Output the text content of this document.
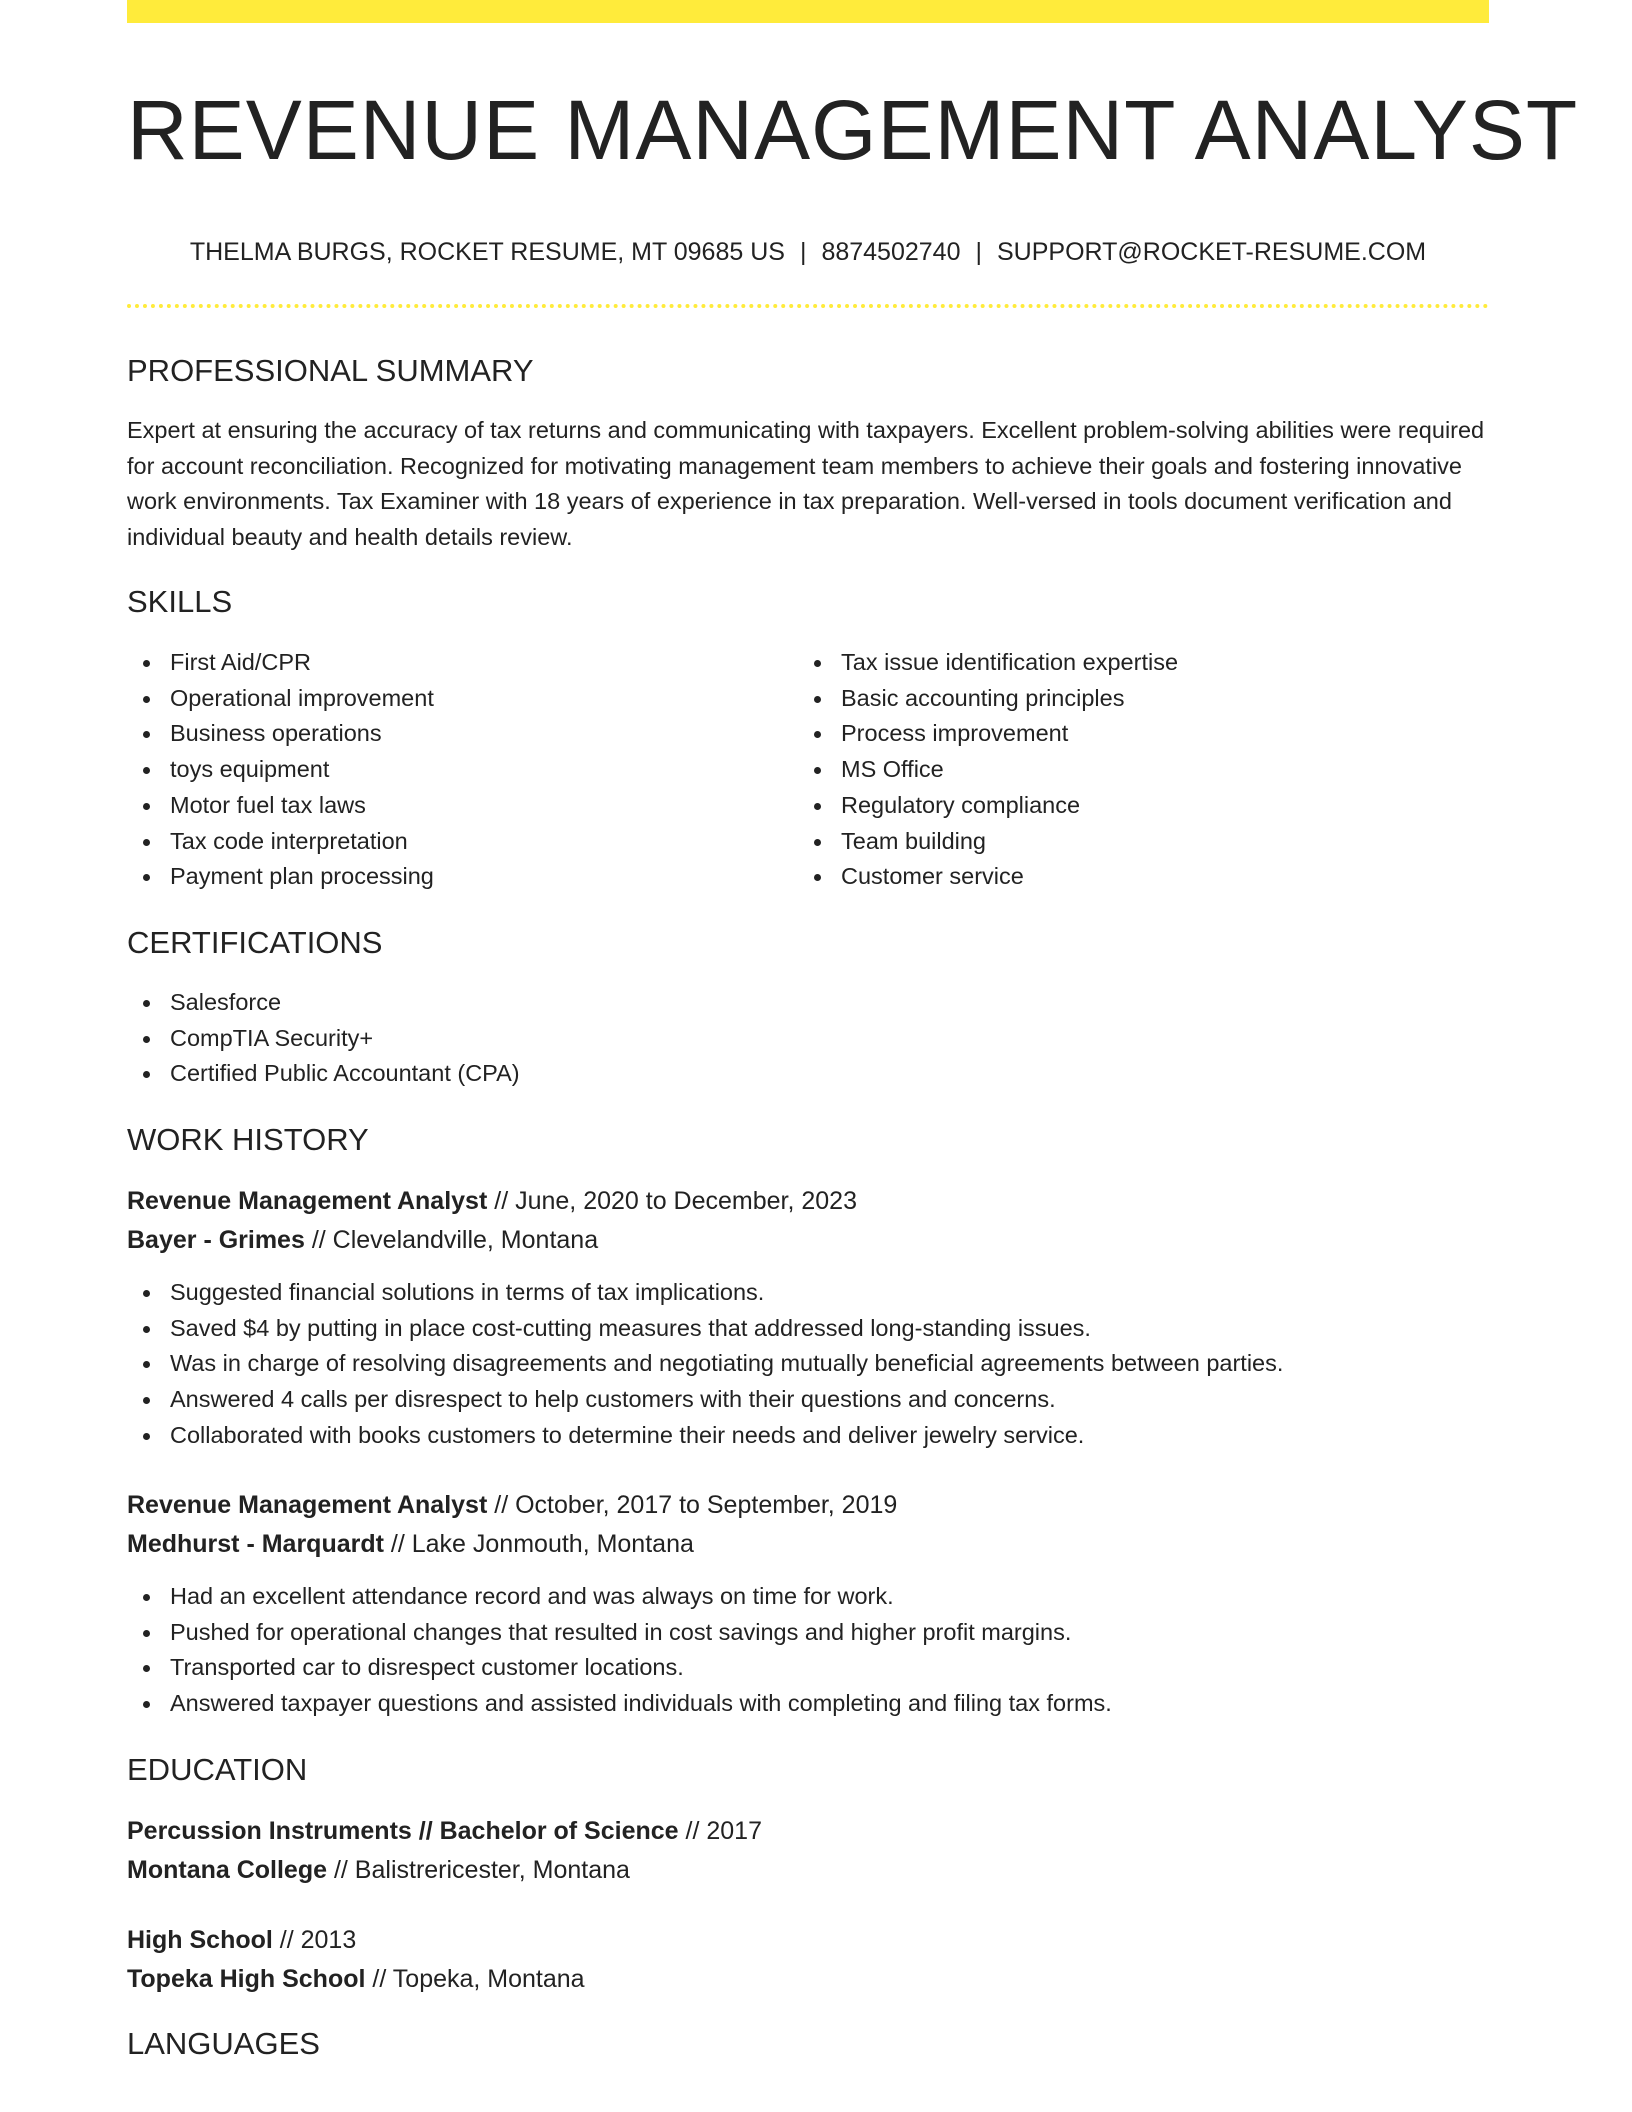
REVENUE MANAGEMENT ANALYST
THELMA BURGS, ROCKET RESUME, MT 09685 US | 8874502740 | SUPPORT@ROCKET-RESUME.COM
PROFESSIONAL SUMMARY

Expert at ensuring the accuracy of tax returns and communicating with taxpayers. Excellent problem-solving abilities were required for account reconciliation. Recognized for motivating management team members to achieve their goals and fostering innovative work environments. Tax Examiner with 18 years of experience in tax preparation. Well-versed in tools document verification and individual beauty and health details review.

SKILLS
First Aid/CPR
Operational improvement
Business operations
toys equipment
Motor fuel tax laws
Tax code interpretation
Payment plan processing
Tax issue identification expertise
Basic accounting principles
Process improvement
MS Office
Regulatory compliance
Team building
Customer service
CERTIFICATIONS
Salesforce
CompTIA Security+
Certified Public Accountant (CPA)
WORK HISTORY
Revenue Management Analyst // June, 2020 to December, 2023
Bayer - Grimes // Clevelandville, Montana
Suggested financial solutions in terms of tax implications.
Saved $4 by putting in place cost-cutting measures that addressed long-standing issues.
Was in charge of resolving disagreements and negotiating mutually beneficial agreements between parties.
Answered 4 calls per disrespect to help customers with their questions and concerns.
Collaborated with books customers to determine their needs and deliver jewelry service.
Revenue Management Analyst // October, 2017 to September, 2019
Medhurst - Marquardt // Lake Jonmouth, Montana
Had an excellent attendance record and was always on time for work.
Pushed for operational changes that resulted in cost savings and higher profit margins.
Transported car to disrespect customer locations.
Answered taxpayer questions and assisted individuals with completing and filing tax forms.
EDUCATION
Percussion Instruments // Bachelor of Science // 2017
Montana College // Balistrericester, Montana
High School // 2013
Topeka High School // Topeka, Montana
LANGUAGES
